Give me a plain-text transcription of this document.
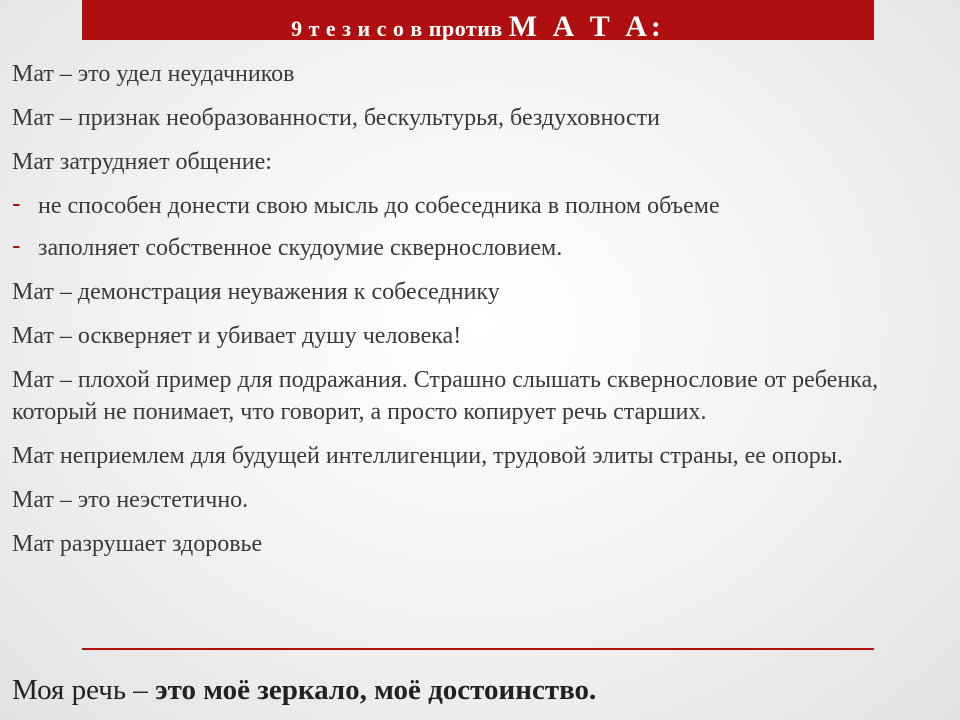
9 т е з и с о в против М А Т А:

Мат – это удел неудачников

Мат – признак необразованности, бескультурья, бездуховности

Мат затрудняет общение:

- не способен донести свою мысль до собеседника в полном объеме
- заполняет собственное скудоумие сквернословием.

Мат – демонстрация неуважения к собеседнику

Мат – оскверняет и убивает душу человека!

Мат – плохой пример для подражания. Страшно слышать сквернословие от ребенка, который не понимает, что говорит, а просто копирует речь старших.

Мат неприемлем для будущей интеллигенции, трудовой элиты страны, ее опоры.

Мат – это неэстетично.

Мат разрушает здоровье

Моя речь – это моё зеркало, моё достоинство.
